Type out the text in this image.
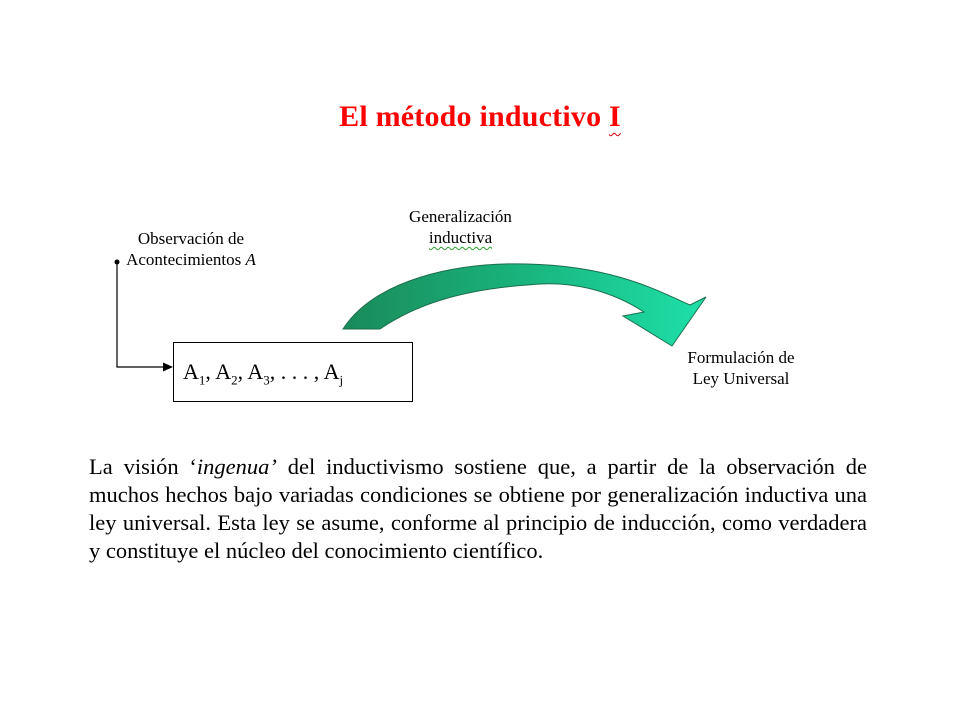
El método inductivo I
Observación de
Acontecimientos A
Generalización
inductiva
Formulación de
Ley Universal
$A_1$, $A_2$, $A_3$, . . . , $A_j$
La visión ‘ingenua’ del inductivismo sostiene que, a partir de la observación de muchos hechos bajo variadas condiciones se obtiene por generalización inductiva una ley universal. Esta ley se asume, conforme al principio de inducción, como verdadera y constituye el núcleo del conocimiento científico.
